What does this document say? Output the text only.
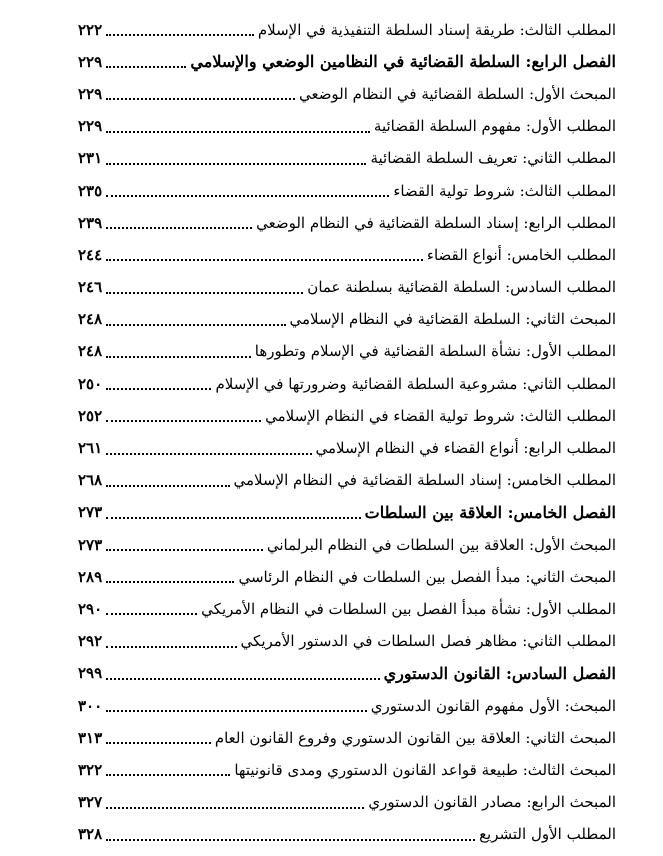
المطلب الثالث: طريقة إسناد السلطة التنفيذية في الإسلام
٢٢٢
الفصل الرابع: السلطة القضائية في النظامين الوضعي والإسلامي
٢٢٩
المبحث الأول: السلطة القضائية في النظام الوضعي
٢٢٩
المطلب الأول: مفهوم السلطة القضائية
٢٢٩
المطلب الثاني: تعريف السلطة القضائية
٢٣١
المطلب الثالث: شروط تولية القضاء
٢٣٥
المطلب الرابع: إسناد السلطة القضائية في النظام الوضعي
٢٣٩
المطلب الخامس: أنواع القضاء
٢٤٤
المطلب السادس: السلطة القضائية بسلطنة عمان
٢٤٦
المبحث الثاني: السلطة القضائية في النظام الإسلامي
٢٤٨
المطلب الأول: نشأة السلطة القضائية في الإسلام وتطورها
٢٤٨
المطلب الثاني: مشروعية السلطة القضائية وضرورتها في الإسلام
٢٥٠
المطلب الثالث: شروط تولية القضاء في النظام الإسلامي
٢٥٢
المطلب الرابع: أنواع القضاء في النظام الإسلامي
٢٦١
المطلب الخامس: إسناد السلطة القضائية في النظام الإسلامي
٢٦٨
الفصل الخامس: العلاقة بين السلطات
٢٧٣
المبحث الأول: العلاقة بين السلطات في النظام البرلماني
٢٧٣
المبحث الثاني: مبدأ الفصل بين السلطات في النظام الرئاسي
٢٨٩
المطلب الأول: نشأة مبدأ الفصل بين السلطات في النظام الأمريكي
٢٩٠
المطلب الثاني: مظاهر فصل السلطات في الدستور الأمريكي
٢٩٢
الفصل السادس: القانون الدستوري
٢٩٩
المبحث: الأول مفهوم القانون الدستوري
٣٠٠
المبحث الثاني: العلاقة بين القانون الدستوري وفروع القانون العام
٣١٣
المبحث الثالث: طبيعة قواعد القانون الدستوري ومدى قانونيتها
٣٢٢
المبحث الرابع: مصادر القانون الدستوري
٣٢٧
المطلب الأول التشريع
٣٢٨
